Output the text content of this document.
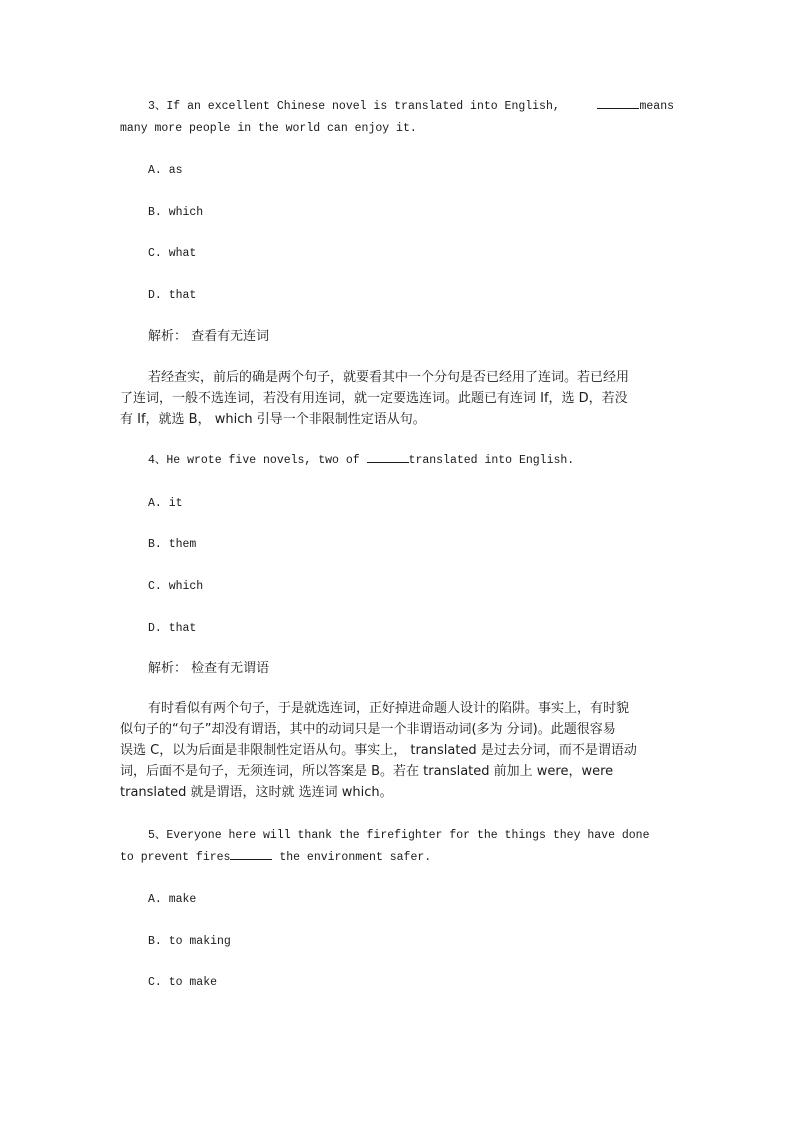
3、If an excellent Chinese novel is translated into English,	means
many more people in the world can enjoy it.
A. as
B. which
C. what
D. that
解析： 查看有无连词
若经查实，前后的确是两个句子，就要看其中一个分句是否已经用了连词。若已经用
了连词，一般不选连词，若没有用连词，就一定要选连词。此题已有连词 If，选 D，若没
有 If，就选 B， which 引导一个非限制性定语从句。
4、He wrote five novels, two of	translated into English.
A. it
B. them
C. which
D. that
解析： 检查有无谓语
有时看似有两个句子，于是就选连词，正好掉进命题人设计的陷阱。事实上，有时貌
似句子的“句子”却没有谓语，其中的动词只是一个非谓语动词(多为 分词)。此题很容易
误选 C，以为后面是非限制性定语从句。事实上， translated 是过去分词，而不是谓语动
词，后面不是句子，无须连词，所以答案是 B。若在 translated 前加上 were，were
translated 就是谓语，这时就 选连词 which。
5、Everyone here will thank the firefighter for the things they have done
to prevent fires	the environment safer.
A. make
B. to making
C. to make
